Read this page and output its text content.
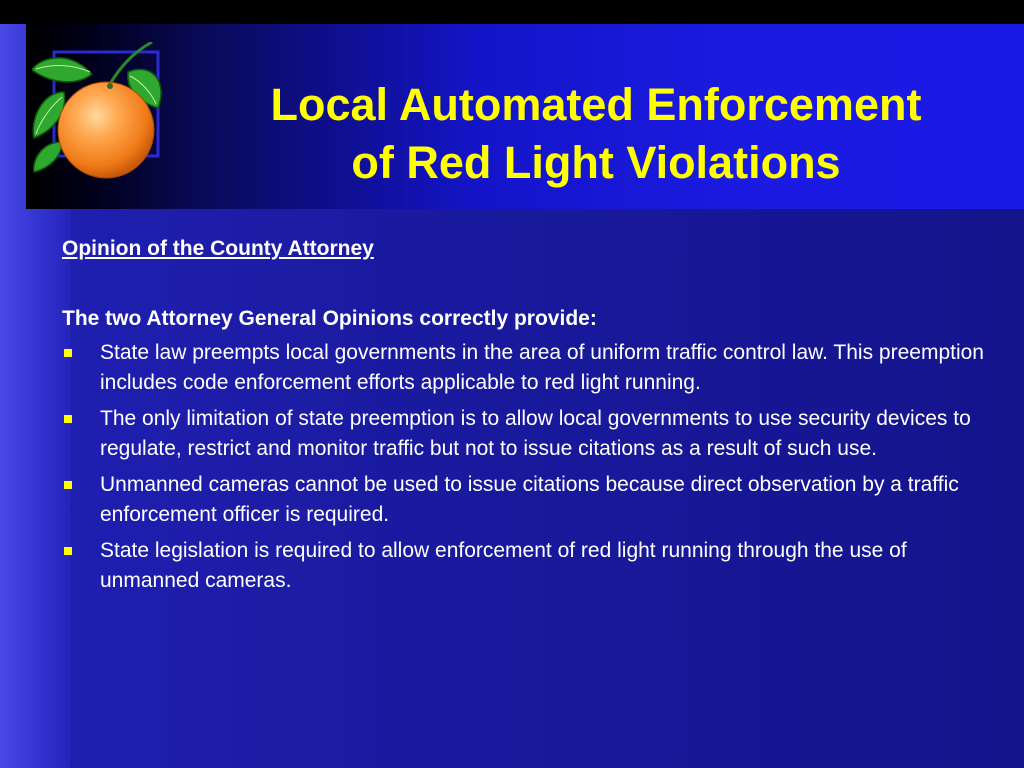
Local Automated Enforcement
of Red Light Violations
Opinion of the County Attorney
The two Attorney General Opinions correctly provide:
State law preempts local governments in the area of uniform traffic control law. This preemption includes code enforcement efforts applicable to red light running.
The only limitation of state preemption is to allow local governments to use security devices to regulate, restrict and monitor traffic but not to issue citations as a result of such use.
Unmanned cameras cannot be used to issue citations because direct observation by a traffic enforcement officer is required.
State legislation is required to allow enforcement of red light running through the use of unmanned cameras.
